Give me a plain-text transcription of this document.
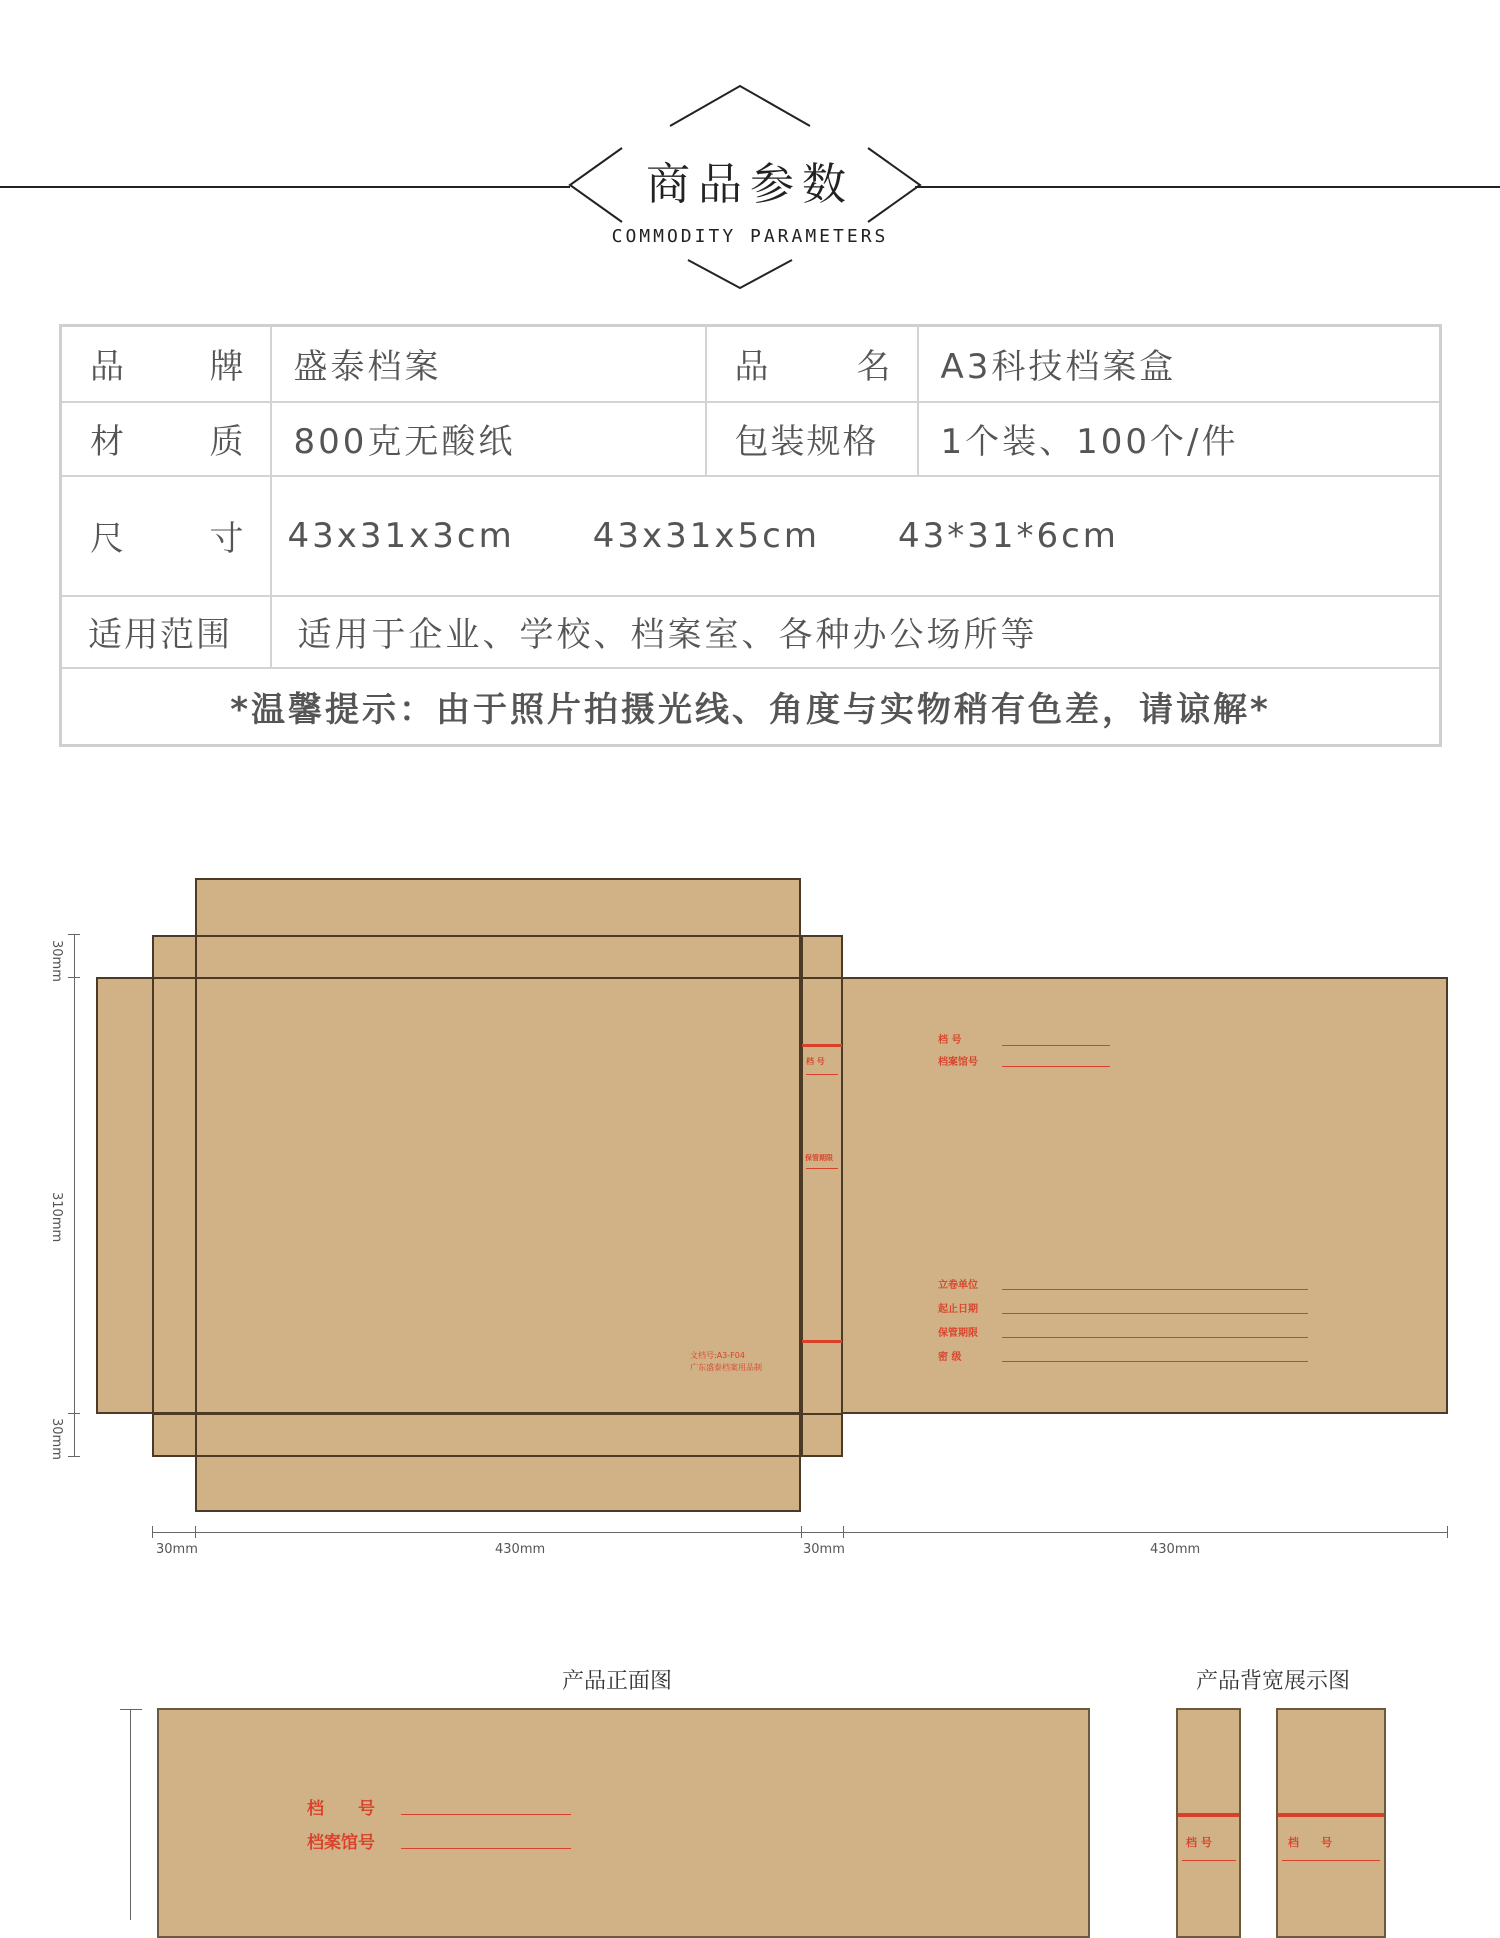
商品参数
COMMODITY PARAMETERS
品 牌	盛泰档案	品 名	A3科技档案盒

材 质	800克无酸纸	包装规格	1个装、100个/件

尺 寸	43x31x3cm 43x31x5cm 43*31*6cm		
适用范围	适用于企业、学校、档案室、各种办公场所等		
*温馨提示：由于照片拍摄光线、角度与实物稍有色差，请谅解*			
30mm
310mm
30mm
档 号
保管期限
文档号:A3-F04
广东盛泰档案用品制
档 号
档案馆号
立卷单位
起止日期
保管期限
密 级
30mm	430mm	30mm	430mm
产品正面图	产品背宽展示图
档　　号
档案馆号	档 号	档　　号
